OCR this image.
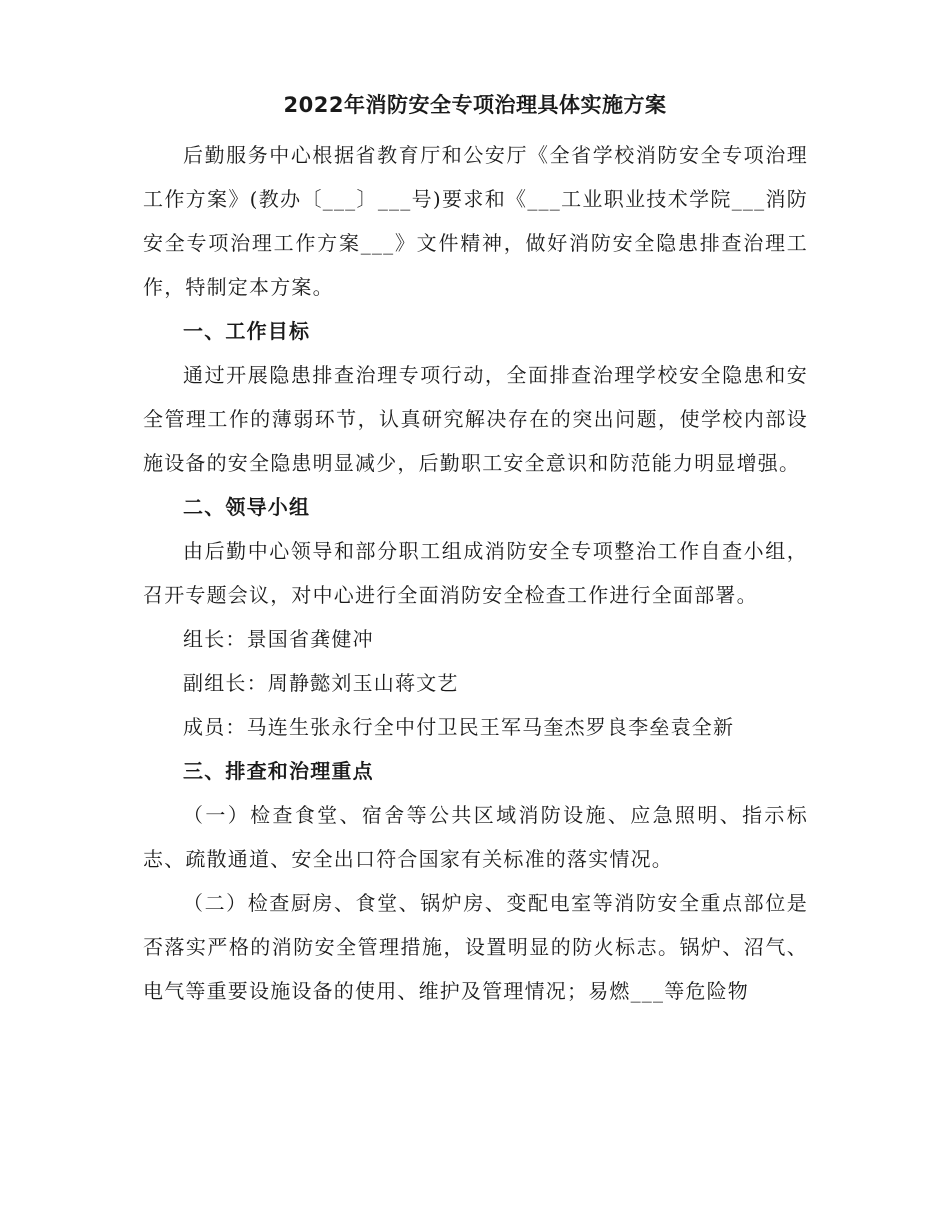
2022年消防安全专项治理具体实施方案

后勤服务中心根据省教育厅和公安厅《全省学校消防安全专项治理工作方案》(教办〔___〕___号)要求和《___工业职业技术学院___消防安全专项治理工作方案___》文件精神，做好消防安全隐患排查治理工作，特制定本方案。

一、工作目标

通过开展隐患排查治理专项行动，全面排查治理学校安全隐患和安全管理工作的薄弱环节，认真研究解决存在的突出问题，使学校内部设施设备的安全隐患明显减少，后勤职工安全意识和防范能力明显增强。

二、领导小组

由后勤中心领导和部分职工组成消防安全专项整治工作自查小组，召开专题会议，对中心进行全面消防安全检查工作进行全面部署。

组长：景国省龚健冲

副组长：周静懿刘玉山蒋文艺

成员：马连生张永行全中付卫民王军马奎杰罗良李垒袁全新

三、排查和治理重点

（一）检查食堂、宿舍等公共区域消防设施、应急照明、指示标志、疏散通道、安全出口符合国家有关标准的落实情况。

（二）检查厨房、食堂、锅炉房、变配电室等消防安全重点部位是否落实严格的消防安全管理措施，设置明显的防火标志。锅炉、沼气、电气等重要设施设备的使用、维护及管理情况；易燃___等危险物
